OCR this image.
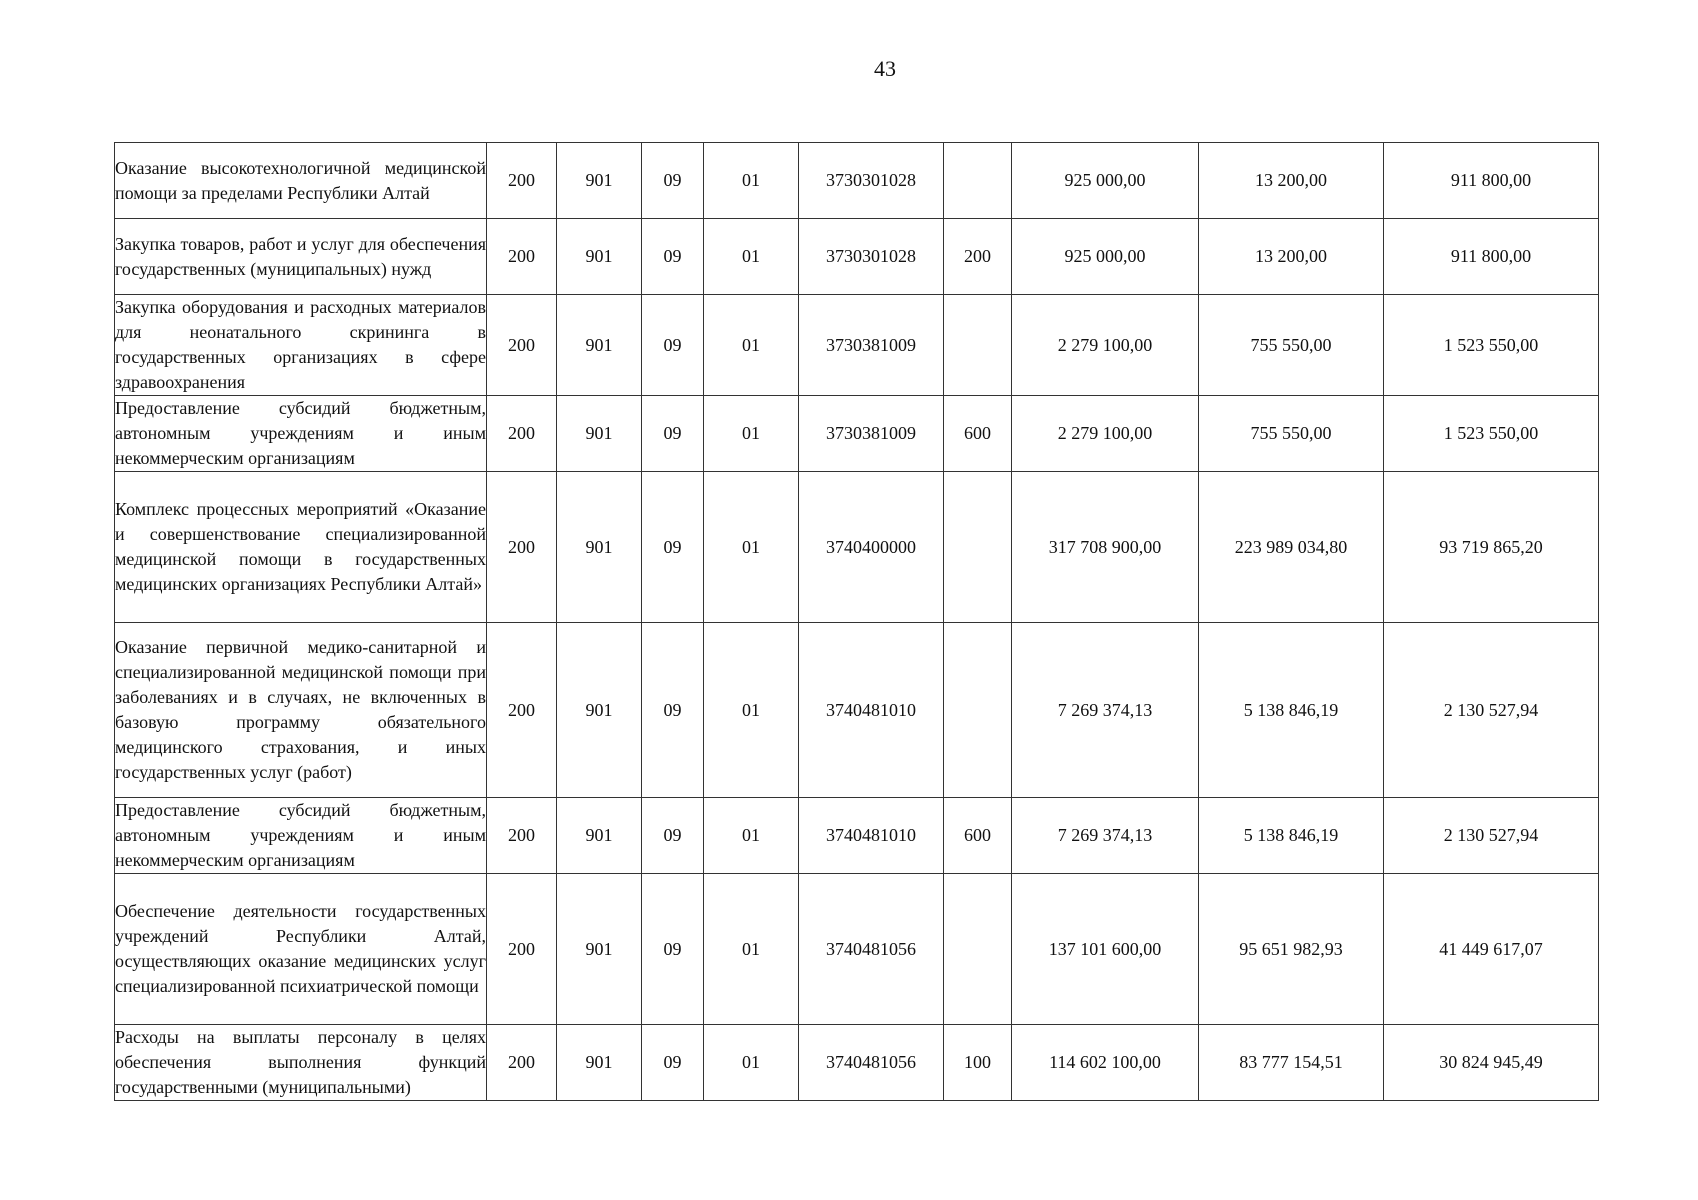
43
Оказание высокотехнологичной медицинской помощи за пределами Республики Алтай	200	901	09	01	3730301028		925 000,00	13 200,00	911 800,00
Закупка товаров, работ и услуг для обеспечения государственных (муниципальных) нужд	200	901	09	01	3730301028	200	925 000,00	13 200,00	911 800,00
Закупка оборудования и расходных материалов для неонатального скрининга в государственных организациях в сфере здравоохранения	200	901	09	01	3730381009		2 279 100,00	755 550,00	1 523 550,00
Предоставление субсидий бюджетным, автономным учреждениям и иным некоммерческим организациям	200	901	09	01	3730381009	600	2 279 100,00	755 550,00	1 523 550,00
Комплекс процессных мероприятий «Оказание и совершенствование специализированной медицинской помощи в государственных медицинских организациях Республики Алтай»	200	901	09	01	3740400000		317 708 900,00	223 989 034,80	93 719 865,20
Оказание первичной медико-санитарной и специализированной медицинской помощи при заболеваниях и в случаях, не включенных в базовую программу обязательного медицинского страхования, и иных государственных услуг (работ)	200	901	09	01	3740481010		7 269 374,13	5 138 846,19	2 130 527,94
Предоставление субсидий бюджетным, автономным учреждениям и иным некоммерческим организациям	200	901	09	01	3740481010	600	7 269 374,13	5 138 846,19	2 130 527,94
Обеспечение деятельности государственных учреждений Республики Алтай, осуществляющих оказание медицинских услуг специализированной психиатрической помощи	200	901	09	01	3740481056		137 101 600,00	95 651 982,93	41 449 617,07
Расходы на выплаты персоналу в целях обеспечения выполнения функций государственными (муниципальными)	200	901	09	01	3740481056	100	114 602 100,00	83 777 154,51	30 824 945,49
